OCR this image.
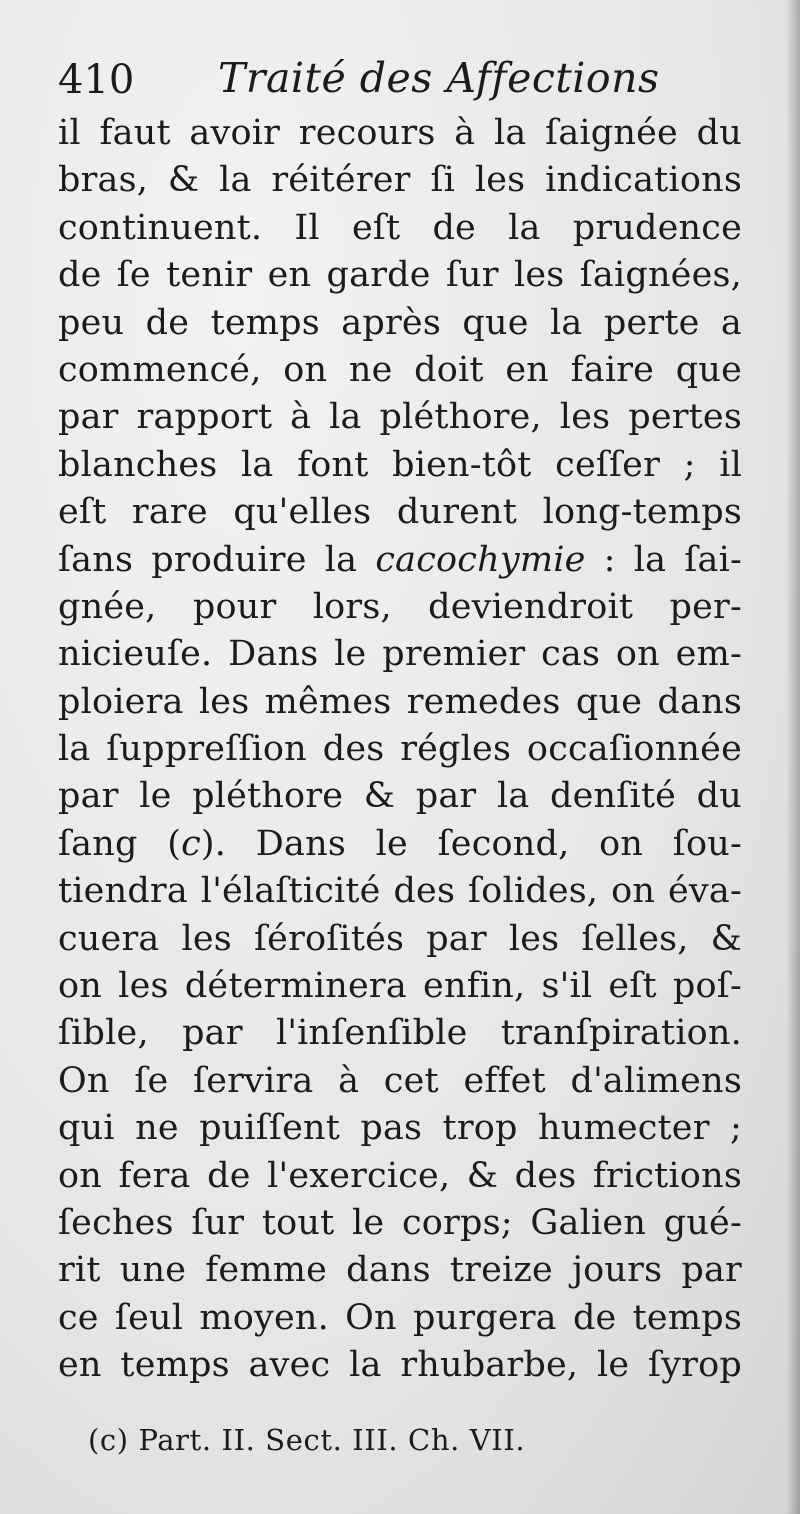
410 Traité des Affections
il faut avoir recours à la ſaignée du
bras, & la réitérer ſi les indications
continuent. Il eſt de la prudence
de ſe tenir en garde ſur les ſaignées,
peu de temps après que la perte a
commencé, on ne doit en faire que
par rapport à la pléthore, les pertes
blanches la font bien-tôt ceſſer ; il
eſt rare qu'elles durent long-temps
ſans produire la cacochymie : la ſai-
gnée, pour lors, deviendroit per-
nicieuſe. Dans le premier cas on em-
ploiera les mêmes remedes que dans
la ſuppreſſion des régles occaſionnée
par le pléthore & par la denſité du
ſang (c). Dans le ſecond, on ſou-
tiendra l'élaſticité des ſolides, on éva-
cuera les ſéroſités par les ſelles, &
on les déterminera enfin, s'il eſt poſ-
ſible, par l'inſenſible tranſpiration.
On ſe ſervira à cet effet d'alimens
qui ne puiſſent pas trop humecter ;
on fera de l'exercice, & des frictions
ſeches ſur tout le corps; Galien gué-
rit une femme dans treize jours par
ce ſeul moyen. On purgera de temps
en temps avec la rhubarbe, le ſyrop
(c) Part. II. Sect. III. Ch. VII.
